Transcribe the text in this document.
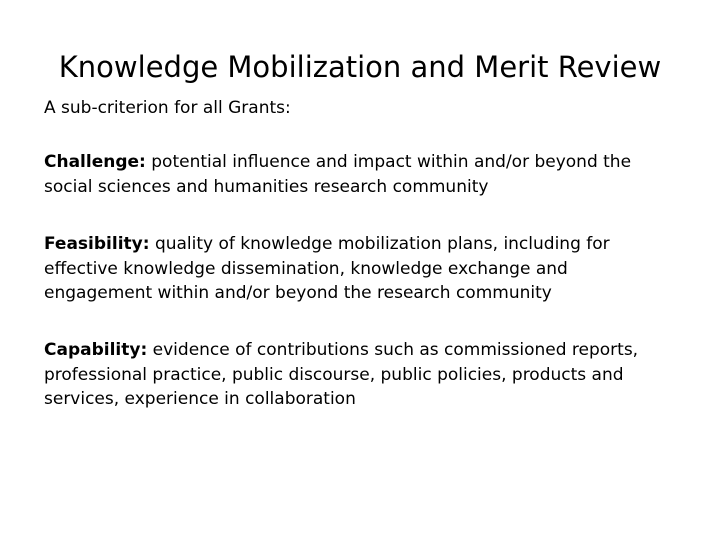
Knowledge Mobilization and Merit Review
A sub-criterion for all Grants:
Challenge: potential influence and impact within and/or beyond the
social sciences and humanities research community
Feasibility: quality of knowledge mobilization plans, including for
effective knowledge dissemination, knowledge exchange and
engagement within and/or beyond the research community
Capability: evidence of contributions such as commissioned reports,
professional practice, public discourse, public policies, products and
services, experience in collaboration
